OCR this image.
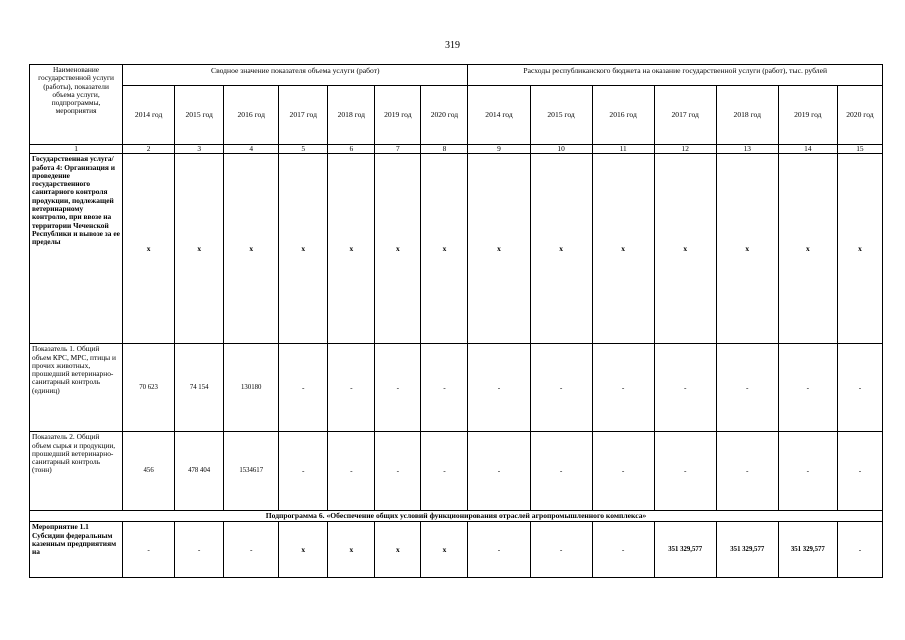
319
Наименование государственной услуги (работы), показатели объема услуги, подпрограммы, мероприятия	Сводное значение показателя объема услуги (работ)							Расходы республиканского бюджета на оказание государственной услуги (работ), тыс. рублей						
	2014 год	2015 год	2016 год	2017 год	2018 год	2019 год	2020 год	2014 год	2015 год	2016 год	2017 год	2018 год	2019 год	2020 год
1	2	3	4	5	6	7	8	9	10	11	12	13	14	15
Государственная услуга/работа 4: Организация и проведение государственного санитарного контроля продукции, подлежащей ветеринарному контролю, при ввозе на территории Чеченской Республики и вывозе за ее пределы	x	x	x	x	x	x	x	x	x	x	x	x	x	x
Показатель 1. Общий объем КРС, МРС, птицы и прочих животных, прошедший ветеринарно-санитарный контроль (единиц)	70 623	74 154	130180	-	-	-	-	-	-	-	-	-	-	-
Показатель 2. Общий объем сырья и продукции, прошедший ветеринарно-санитарный контроль (тонн)	456	478 404	1534617	-	-	-	-	-	-	-	-	-	-	-
Подпрограмма 6. «Обеспечение общих условий функционирования отраслей агропромышленного комплекса»														
Мероприятие 1.1 Субсидии федеральным казенным предприятиям на	-	-	-	x	x	x	x	-	-	-	351 329,577	351 329,577	351 329,577	-
